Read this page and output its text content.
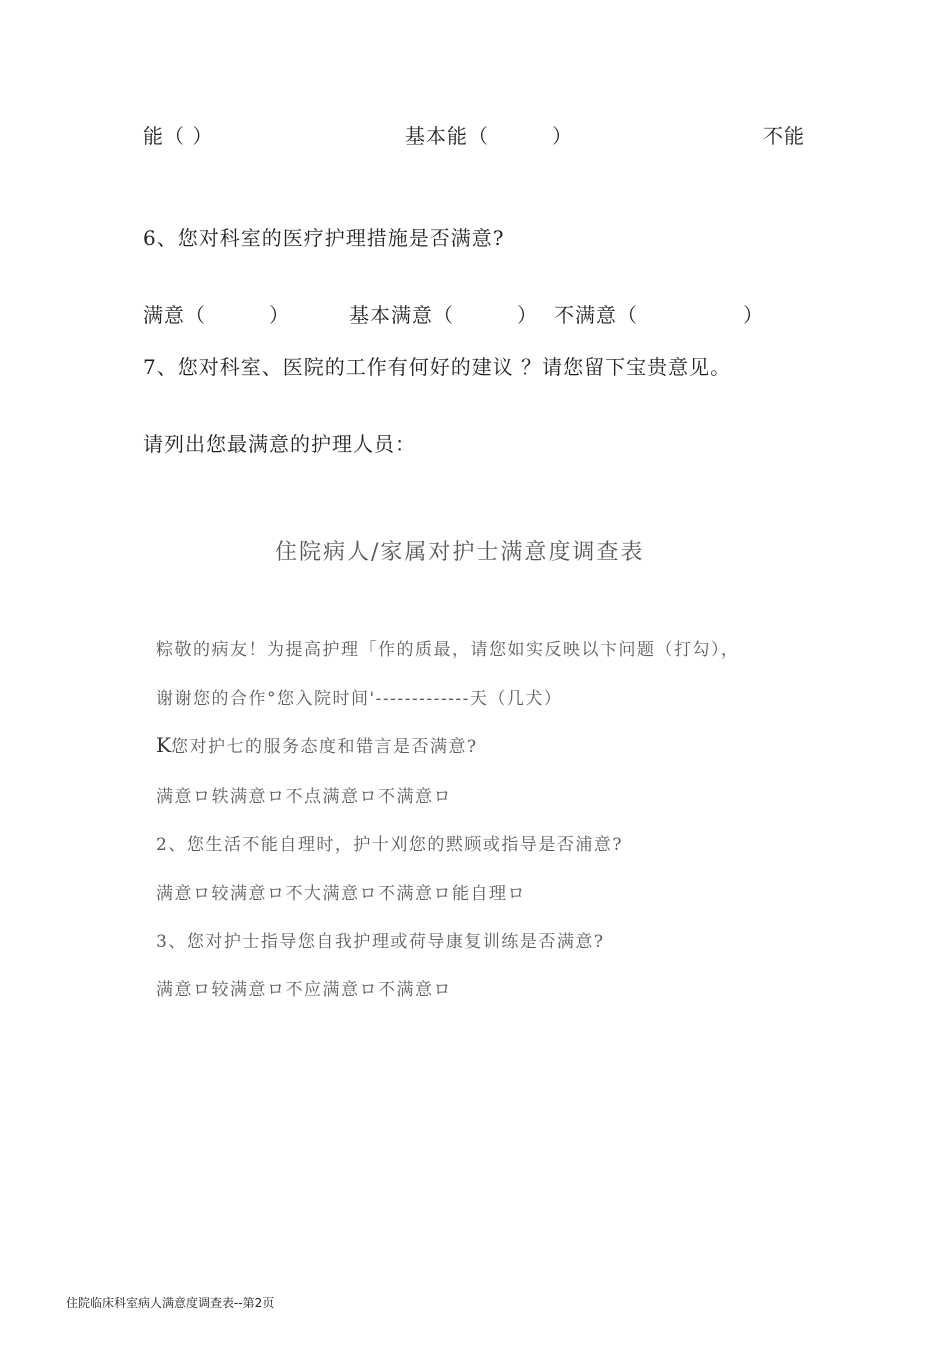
能（ ）	基本能（　　　）	不能
6、您对科室的医疗护理措施是否满意?
满意（　　　）	基本满意（　　　） 不满意（　　　　　）
7、您对科室、医院的工作有何好的建议 ？请您留下宝贵意见。
请列出您最满意的护理人员：
住院病人/家属对护士满意度调查表
粽敬的病友！为提高护理「作的质最，请您如实反映以卞问题（打勾），
谢谢您的合作°您入院时间'-------------天（几犬）
K您对护七的服务态度和错言是否满意?
满意ロ轶满意ロ不点满意ロ不满意ロ
2、您生活不能自理时，护十刈您的黙顾或指导是否浦意?
满意ロ较满意ロ不大满意ロ不满意ロ能自理ロ
3、您对护士指导您自我护理或荷导康复训练是否满意?
满意ロ较满意ロ不应满意ロ不满意ロ
住院临床科室病人满意度调查表--第2页
